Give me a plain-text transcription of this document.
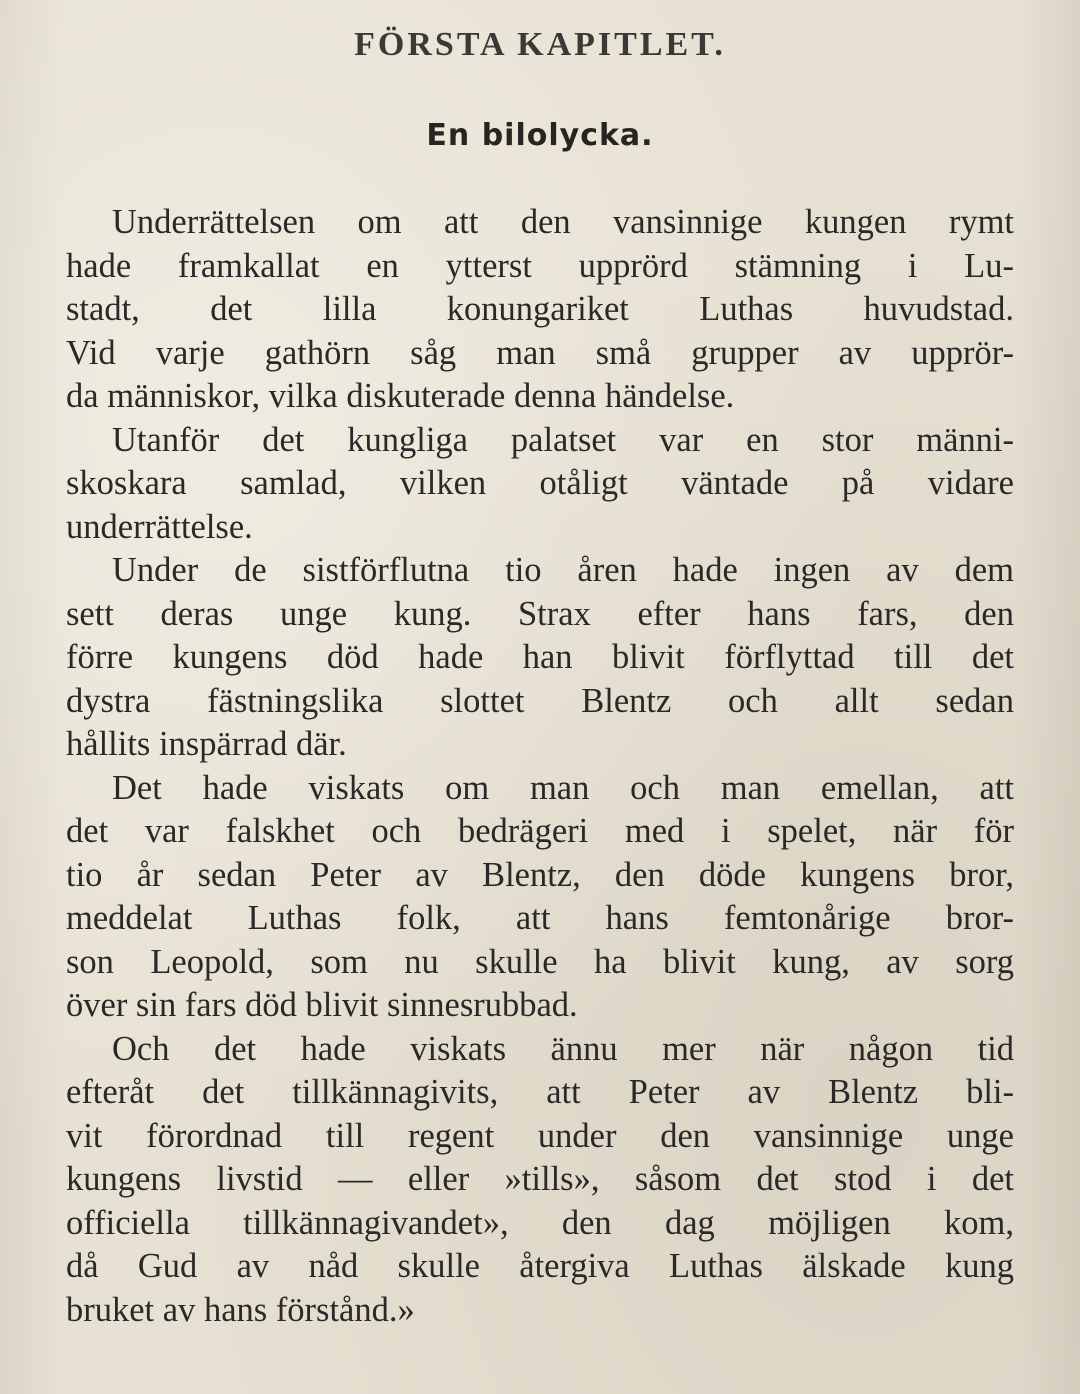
FÖRSTA KAPITLET.
En bilolycka.

Underrättelsen om att den vansinnige kungen rymt
hade framkallat en ytterst upprörd stämning i Lu-
stadt, det lilla konungariket Luthas huvudstad.
Vid varje gathörn såg man små grupper av upprör-
da människor, vilka diskuterade denna händelse.

Utanför det kungliga palatset var en stor männi-
skoskara samlad, vilken otåligt väntade på vidare
underrättelse.

Under de sistförflutna tio åren hade ingen av dem
sett deras unge kung. Strax efter hans fars, den
förre kungens död hade han blivit förflyttad till det
dystra fästningslika slottet Blentz och allt sedan
hållits inspärrad där.

Det hade viskats om man och man emellan, att
det var falskhet och bedrägeri med i spelet, när för
tio år sedan Peter av Blentz, den döde kungens bror,
meddelat Luthas folk, att hans femtonårige bror-
son Leopold, som nu skulle ha blivit kung, av sorg
över sin fars död blivit sinnesrubbad.

Och det hade viskats ännu mer när någon tid
efteråt det tillkännagivits, att Peter av Blentz bli-
vit förordnad till regent under den vansinnige unge
kungens livstid — eller »tills», såsom det stod i det
officiella tillkännagivandet», den dag möjligen kom,
då Gud av nåd skulle återgiva Luthas älskade kung
bruket av hans förstånd.»
